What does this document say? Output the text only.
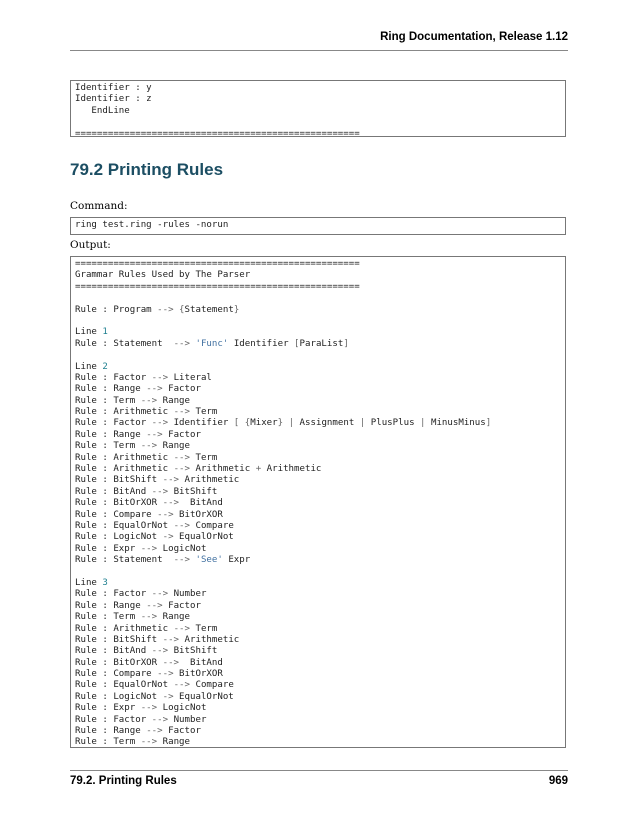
Ring Documentation, Release 1.12
Identifier : y
Identifier : z
EndLine
====================================================
79.2 Printing Rules
Command:
ring test.ring -rules -norun
Output:
====================================================
Grammar Rules Used by The Parser
====================================================
Rule : Program --> {Statement}
Line 1
Rule : Statement  --> 'Func' Identifier [ParaList]
Line 2
Rule : Factor --> Literal
Rule : Range --> Factor
Rule : Term --> Range
Rule : Arithmetic --> Term
Rule : Factor --> Identifier [ {Mixer} | Assignment | PlusPlus | MinusMinus]
Rule : Range --> Factor
Rule : Term --> Range
Rule : Arithmetic --> Term
Rule : Arithmetic --> Arithmetic + Arithmetic
Rule : BitShift --> Arithmetic
Rule : BitAnd --> BitShift
Rule : BitOrXOR -->  BitAnd
Rule : Compare --> BitOrXOR
Rule : EqualOrNot --> Compare
Rule : LogicNot -> EqualOrNot
Rule : Expr --> LogicNot
Rule : Statement  --> 'See' Expr
Line 3
Rule : Factor --> Number
Rule : Range --> Factor
Rule : Term --> Range
Rule : Arithmetic --> Term
Rule : BitShift --> Arithmetic
Rule : BitAnd --> BitShift
Rule : BitOrXOR -->  BitAnd
Rule : Compare --> BitOrXOR
Rule : EqualOrNot --> Compare
Rule : LogicNot -> EqualOrNot
Rule : Expr --> LogicNot
Rule : Factor --> Number
Rule : Range --> Factor
Rule : Term --> Range
79.2. Printing Rules	969
